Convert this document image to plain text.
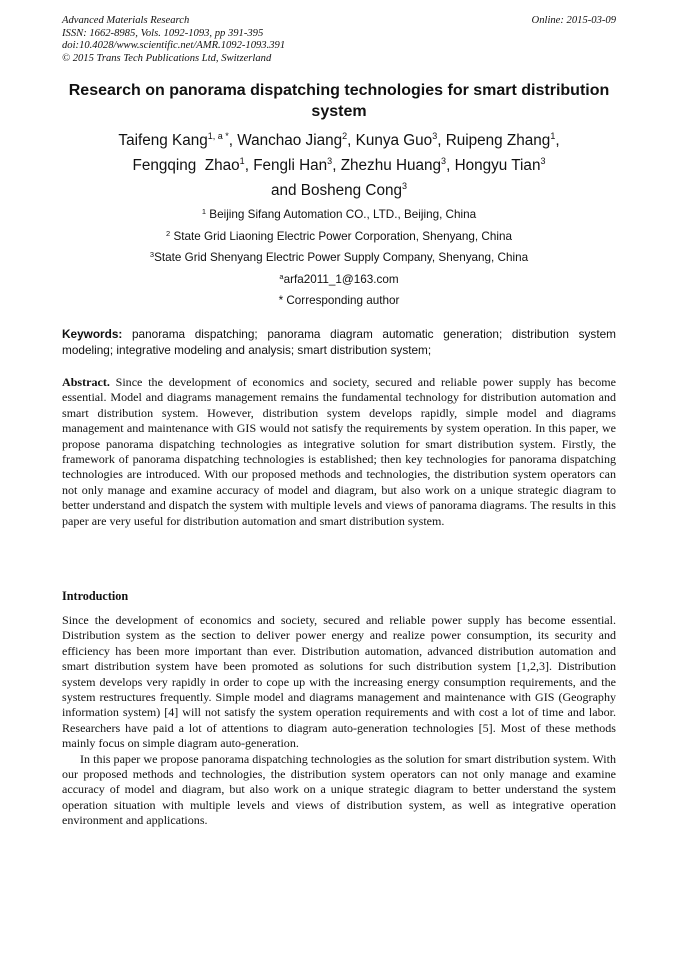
Advanced Materials Research
ISSN: 1662-8985, Vols. 1092-1093, pp 391-395
doi:10.4028/www.scientific.net/AMR.1092-1093.391
© 2015 Trans Tech Publications Ltd, Switzerland
Online: 2015-03-09
Research on panorama dispatching technologies for smart distribution system
Taifeng Kang$^{1, a *}$, Wanchao Jiang$^2$, Kunya Guo$^3$, Ruipeng Zhang$^1$,
Fengqing  Zhao$^1$, Fengli Han$^3$, Zhezhu Huang$^3$, Hongyu Tian$^3$
and Bosheng Cong$^3$
$^1$ Beijing Sifang Automation CO., LTD., Beijing, China
$^2$ State Grid Liaoning Electric Power Corporation, Shenyang, China
$^3$State Grid Shenyang Electric Power Supply Company, Shenyang, China
$^a$arfa2011_1@163.com
* Corresponding author
Keywords: panorama dispatching; panorama diagram automatic generation; distribution system modeling; integrative modeling and analysis; smart distribution system;
Abstract. Since the development of economics and society, secured and reliable power supply has become essential. Model and diagrams management remains the fundamental technology for distribution automation and smart distribution system. However, distribution system develops rapidly, simple model and diagrams management and maintenance with GIS would not satisfy the requirements by system operation. In this paper, we propose panorama dispatching technologies as integrative solution for smart distribution system. Firstly, the framework of panorama dispatching technologies is established; then key technologies for panorama dispatching technologies are introduced. With our proposed methods and technologies, the distribution system operators can not only manage and examine accuracy of model and diagram, but also work on a unique strategic diagram to better understand and dispatch the system with multiple levels and views of panorama diagrams. The results in this paper are very useful for distribution automation and smart distribution system.
Introduction

Since the development of economics and society, secured and reliable power supply has become essential. Distribution system as the section to deliver power energy and realize power consumption, its security and efficiency has been more important than ever. Distribution automation, advanced distribution automation and smart distribution system have been promoted as solutions for such distribution system [1,2,3]. Distribution system develops very rapidly in order to cope up with the increasing energy consumption requirements, and the system restructures frequently. Simple model and diagrams management and maintenance with GIS (Geography information system) [4] will not satisfy the system operation requirements and with cost a lot of time and labor. Researchers have paid a lot of attentions to diagram auto-generation technologies [5]. Most of these methods mainly focus on simple diagram auto-generation.

In this paper we propose panorama dispatching technologies as the solution for smart distribution system. With our proposed methods and technologies, the distribution system operators can not only manage and examine accuracy of model and diagram, but also work on a unique strategic diagram to better understand the system operation situation with multiple levels and views of distribution system, as well as integrative operation environment and applications.
